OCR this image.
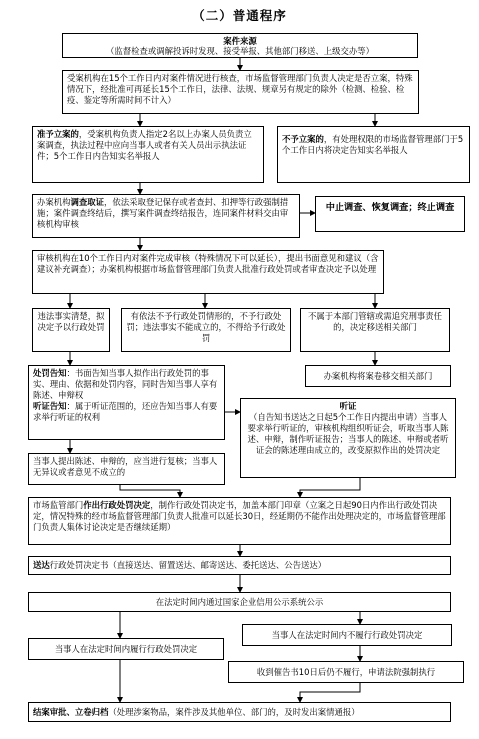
（二）普通程序
案件来源
（监督检查或调解投诉时发现、接受举报、其他部门移送、上级交办等）
受案机构在15个工作日内对案件情况进行核查，市场监督管理部门负责人决定是否立案，特殊情况下，经批准可再延长15个工作日，法律、法规、规章另有规定的除外（检测、检验、检疫、鉴定等所需时间不计入）
准予立案的，受案机构负责人指定2名以上办案人员负责立案调查，执法过程中应向当事人或者有关人员出示执法证件；5个工作日内告知实名举报人
不予立案的，有处理权限的市场监督管理部门于5个工作日内将决定告知实名举报人
办案机构调查取证，依法采取登记保存或者查封、扣押等行政强制措施；案件调查终结后，撰写案件调查终结报告，连同案件材料交由审核机构审核
中止调查、恢复调查；终止调查
审核机构在10个工作日内对案件完成审核（特殊情况下可以延长），提出书面意见和建议（含建议补充调查）；办案机构根据市场监督管理部门负责人批准行政处罚或者审查决定予以处理
违法事实清楚，拟决定予以行政处罚
有依法不予行政处罚情形的，不予行政处罚；违法事实不能成立的，不得给予行政处罚
不属于本部门管辖或需追究刑事责任的，决定移送相关部门
办案机构将案卷移交相关部门
处罚告知：书面告知当事人拟作出行政处罚的事实、理由、依据和处罚内容，同时告知当事人享有陈述、申辩权
听证告知：属于听证范围的，还应告知当事人有要求举行听证的权利
听证
（自告知书送达之日起5个工作日内提出申请）当事人要求举行听证的，审核机构组织听证会，听取当事人陈述、申辩，制作听证报告；当事人的陈述、申辩或者听证会的陈述理由成立的，改变原拟作出的处罚决定
当事人提出陈述、申辩的，应当进行复核；当事人无异议或者意见不成立的
市场监管部门作出行政处罚决定，制作行政处罚决定书，加盖本部门印章（立案之日起90日内作出行政处罚决定，情况特殊的经市场监督管理部门负责人批准可以延长30日，经延期仍不能作出处理决定的，市场监督管理部门负责人集体讨论决定是否继续延期）
送达行政处罚决定书（直接送达、留置送达、邮寄送达、委托送达、公告送达）
在法定时间内通过国家企业信用公示系统公示
当事人在法定时间内履行行政处罚决定
当事人在法定时间内不履行行政处罚决定
收到催告书10日后仍不履行，申请法院强制执行
结案审批、立卷归档（处理涉案物品，案件涉及其他单位、部门的，及时发出案情通报）
